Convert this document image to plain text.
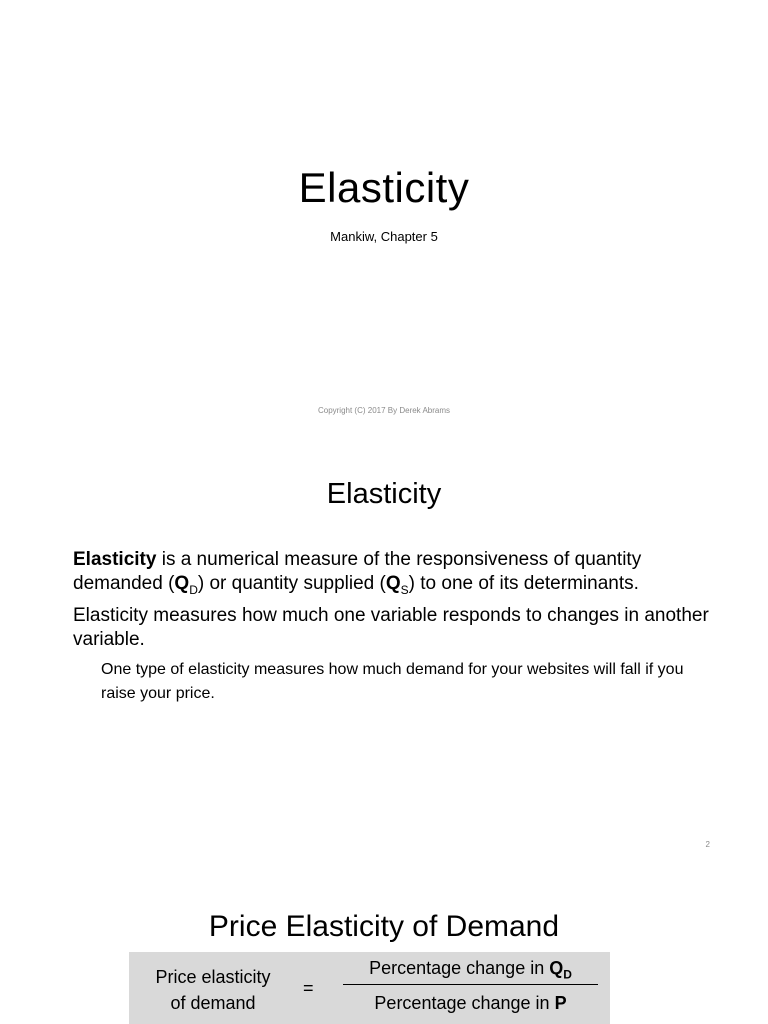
Elasticity
Mankiw, Chapter 5
Copyright (C) 2017 By Derek Abrams
Elasticity

Elasticity is a numerical measure of the responsiveness of quantity demanded $(Q_D)$ or quantity supplied $(Q_S)$ to one of its determinants.

Elasticity measures how much one variable responds to changes in another variable.

One type of elasticity measures how much demand for your websites will fall if you raise your price.

2
Price Elasticity of Demand
Price elasticity
of demand
=
Percentage change in $Q_D$
Percentage change in P
